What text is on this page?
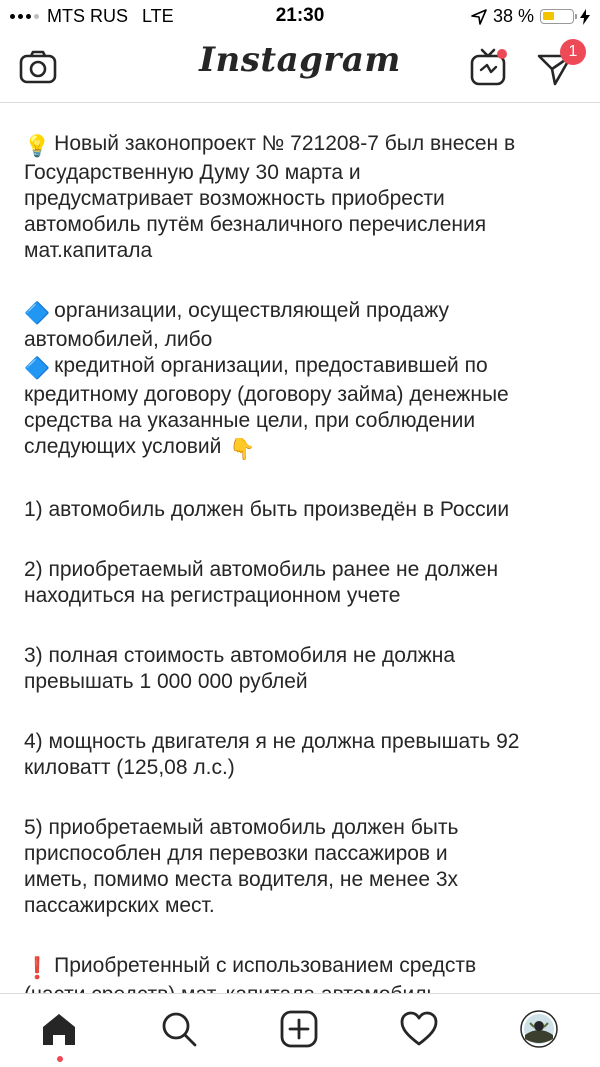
MTS RUS LTE	21:30	38 %
Instagram	1

💡 Новый законопроект № 721208-7 был внесен в
Государственную Думу 30 марта и
предусматривает возможность приобрести
автомобиль путём безналичного перечисления
мат.капитала

🔷 организации, осуществляющей продажу
автомобилей, либо

🔷 кредитной организации, предоставившей по
кредитному договору (договору займа) денежные
средства на указанные цели, при соблюдении
следующих условий 👇

1) автомобиль должен быть произведён в России

2) приобретаемый автомобиль ранее не должен
находиться на регистрационном учете

3) полная стоимость автомобиля не должна
превышать 1 000 000 рублей

4) мощность двигателя я не должна превышать 92
киловатт (125,08 л.с.)

5) приобретаемый автомобиль должен быть
приспособлен для перевозки пассажиров и
иметь, помимо места водителя, не менее 3х
пассажирских мест.

❗ Приобретенный с использованием средств
